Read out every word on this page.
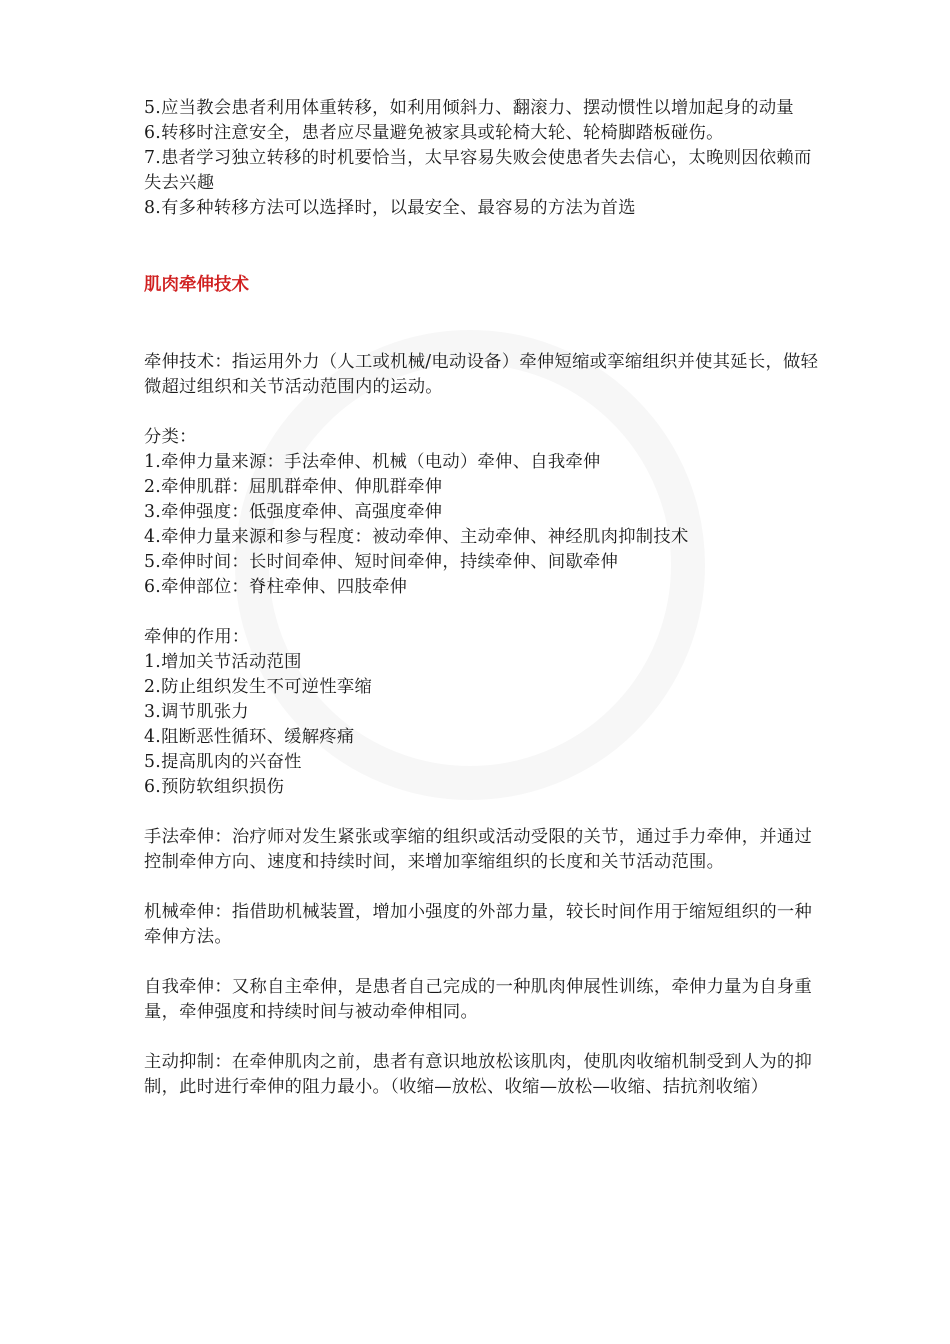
5.应当教会患者利用体重转移，如利用倾斜力、翻滚力、摆动惯性以增加起身的动量

6.转移时注意安全，患者应尽量避免被家具或轮椅大轮、轮椅脚踏板碰伤。

7.患者学习独立转移的时机要恰当，太早容易失败会使患者失去信心，太晚则因依赖而失去兴趣

8.有多种转移方法可以选择时，以最安全、最容易的方法为首选

肌肉牵伸技术

牵伸技术：指运用外力（人工或机械/电动设备）牵伸短缩或挛缩组织并使其延长，做轻微超过组织和关节活动范围内的运动。

分类：

1.牵伸力量来源：手法牵伸、机械（电动）牵伸、自我牵伸

2.牵伸肌群：屈肌群牵伸、伸肌群牵伸

3.牵伸强度：低强度牵伸、高强度牵伸

4.牵伸力量来源和参与程度：被动牵伸、主动牵伸、神经肌肉抑制技术

5.牵伸时间：长时间牵伸、短时间牵伸，持续牵伸、间歇牵伸

6.牵伸部位：脊柱牵伸、四肢牵伸

牵伸的作用：

1.增加关节活动范围

2.防止组织发生不可逆性挛缩

3.调节肌张力

4.阻断恶性循环、缓解疼痛

5.提高肌肉的兴奋性

6.预防软组织损伤

手法牵伸：治疗师对发生紧张或挛缩的组织或活动受限的关节，通过手力牵伸，并通过控制牵伸方向、速度和持续时间，来增加挛缩组织的长度和关节活动范围。

机械牵伸：指借助机械装置，增加小强度的外部力量，较长时间作用于缩短组织的一种牵伸方法。

自我牵伸：又称自主牵伸，是患者自己完成的一种肌肉伸展性训练，牵伸力量为自身重量，牵伸强度和持续时间与被动牵伸相同。

主动抑制：在牵伸肌肉之前，患者有意识地放松该肌肉，使肌肉收缩机制受到人为的抑制，此时进行牵伸的阻力最小。（收缩—放松、收缩—放松—收缩、拮抗剂收缩）
